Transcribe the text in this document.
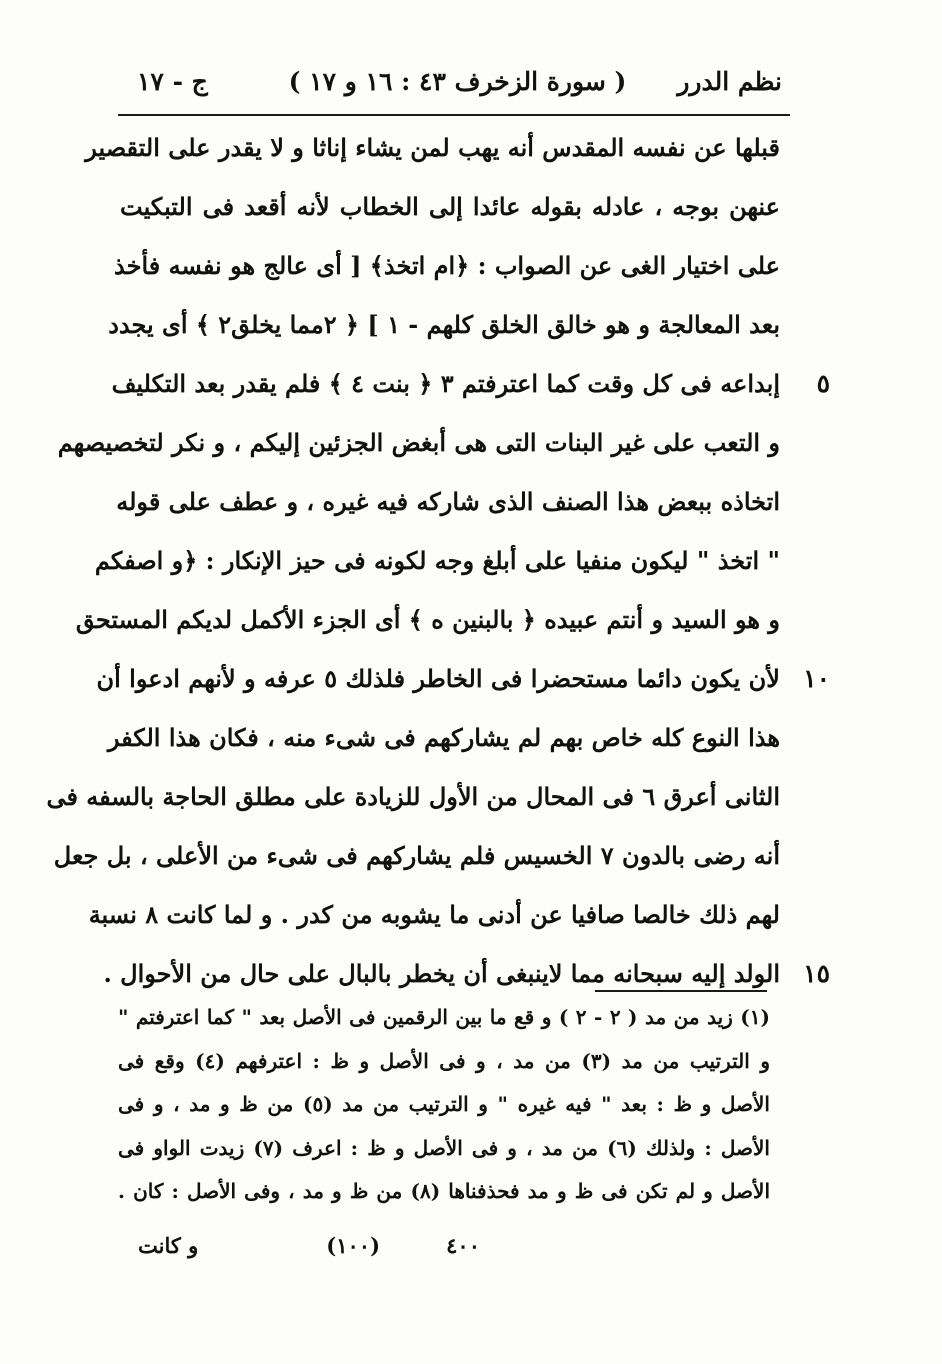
نظم الدرر
( سورة الزخرف ٤٣ : ١٦ و ١٧ )
ج - ١٧
قبلها عن نفسه المقدس أنه يهب لمن يشاء إناثا و لا يقدر على التقصير
عنهن بوجه ، عادله بقوله عائدا إلى الخطاب لأنه أقعد فى التبكيت
على اختيار الغى عن الصواب : ﴿ام اتخذ﴾ [ أى عالج هو نفسه فأخذ
بعد المعالجة و هو خالق الخلق كلهم - ١ ] ﴿ ٢مما يخلق٢ ﴾ أى يجدد
إبداعه فى كل وقت كما اعترفتم ٣ ﴿ بنت ٤ ﴾ فلم يقدر بعد التكليف
و التعب على غير البنات التى هى أبغض الجزئين إليكم ، و نكر لتخصيصهم
اتخاذه ببعض هذا الصنف الذى شاركه فيه غيره ، و عطف على قوله
" اتخذ " ليكون منفيا على أبلغ وجه لكونه فى حيز الإنكار : ﴿و اصفكم
و هو السيد و أنتم عبيده ﴿ بالبنين ه ﴾ أى الجزء الأكمل لديكم المستحق
لأن يكون دائما مستحضرا فى الخاطر فلذلك ٥ عرفه و لأنهم ادعوا أن
هذا النوع كله خاص بهم لم يشاركهم فى شىء منه ، فكان هذا الكفر
الثانى أعرق ٦ فى المحال من الأول للزيادة على مطلق الحاجة بالسفه فى
أنه رضى بالدون ٧ الخسيس فلم يشاركهم فى شىء من الأعلى ، بل جعل
لهم ذلك خالصا صافيا عن أدنى ما يشوبه من كدر . و لما كانت ٨ نسبة
الولد إليه سبحانه مما لاينبغى أن يخطر بالبال على حال من الأحوال .
٥
١٠
١٥
(١) زيد من مد ( ٢ - ٢ ) و قع ما بين الرقمين فى الأصل بعد " كما اعترفتم "
و الترتيب من مد (٣) من مد ، و فى الأصل و ظ : اعترفهم (٤) وقع فى
الأصل و ظ : بعد " فيه غيره " و الترتيب من مد (٥) من ظ و مد ، و فى
الأصل : ولذلك (٦) من مد ، و فى الأصل و ظ : اعرف (٧) زيدت الواو فى
الأصل و لم تكن فى ظ و مد فحذفناها (٨) من ظ و مد ، وفى الأصل : كان .
٤٠٠
(١٠٠)
و كانت
